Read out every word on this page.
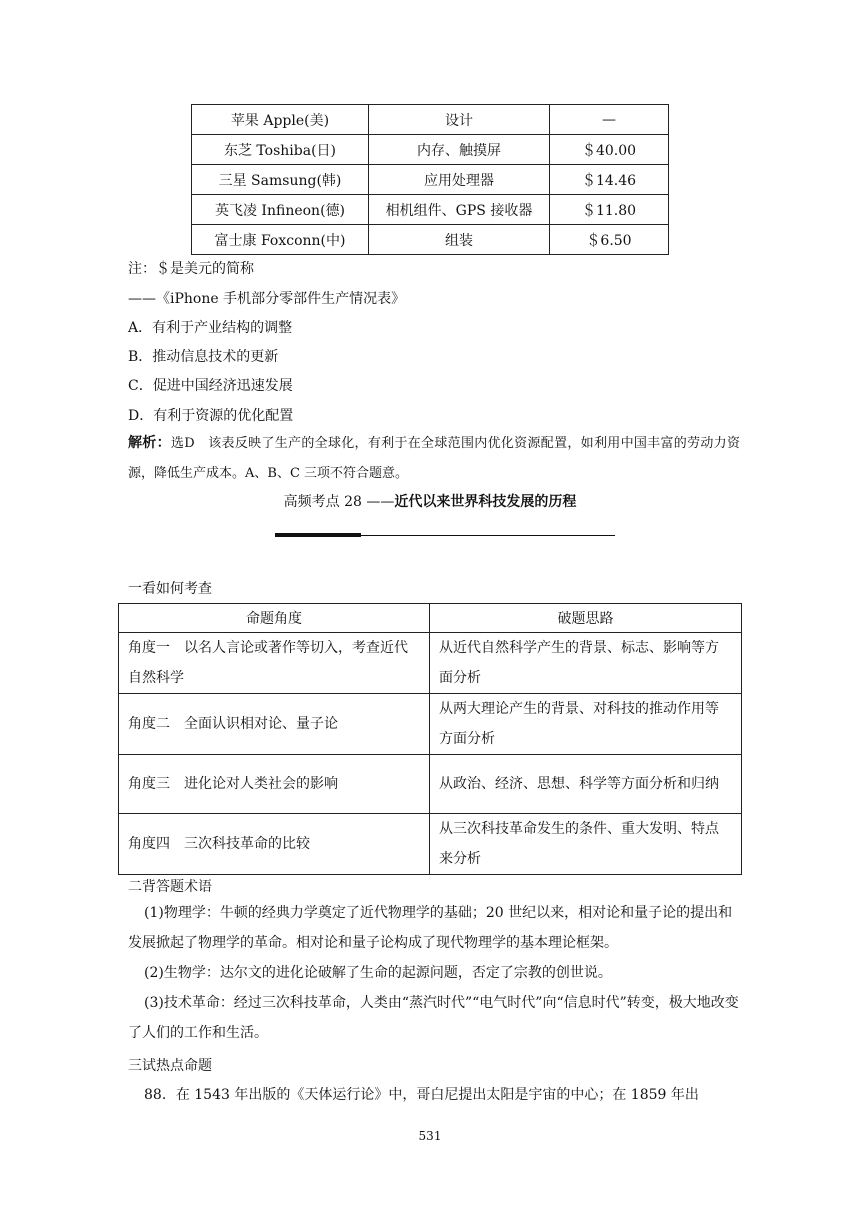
苹果 Apple(美)	设计	—
东芝 Toshiba(日)	内存、触摸屏	＄40.00
三星 Samsung(韩)	应用处理器	＄14.46
英飞凌 Infineon(德)	相机组件、GPS 接收器	＄11.80
富士康 Foxconn(中)	组装	＄6.50
注：＄是美元的简称
——《iPhone 手机部分零部件生产情况表》
A．有利于产业结构的调整
B．推动信息技术的更新
C．促进中国经济迅速发展
D．有利于资源的优化配置
解析：选D　该表反映了生产的全球化，有利于在全球范围内优化资源配置，如利用中国丰富的劳动力资源，降低生产成本。A、B、C 三项不符合题意。
高频考点 28 ——近代以来世界科技发展的历程
一看如何考查
命题角度	破题思路
角度一　以名人言论或著作等切入，考查近代自然科学	从近代自然科学产生的背景、标志、影响等方面分析
角度二　全面认识相对论、量子论	从两大理论产生的背景、对科技的推动作用等方面分析
角度三　进化论对人类社会的影响	从政治、经济、思想、科学等方面分析和归纳
角度四　三次科技革命的比较	从三次科技革命发生的条件、重大发明、特点来分析
二背答题术语
(1)物理学：牛顿的经典力学奠定了近代物理学的基础；20 世纪以来，相对论和量子论的提出和发展掀起了物理学的革命。相对论和量子论构成了现代物理学的基本理论框架。
(2)生物学：达尔文的进化论破解了生命的起源问题，否定了宗教的创世说。
(3)技术革命：经过三次科技革命，人类由“蒸汽时代”“电气时代”向“信息时代”转变，极大地改变了人们的工作和生活。
三试热点命题
88．在 1543 年出版的《天体运行论》中，哥白尼提出太阳是宇宙的中心；在 1859 年出
531
